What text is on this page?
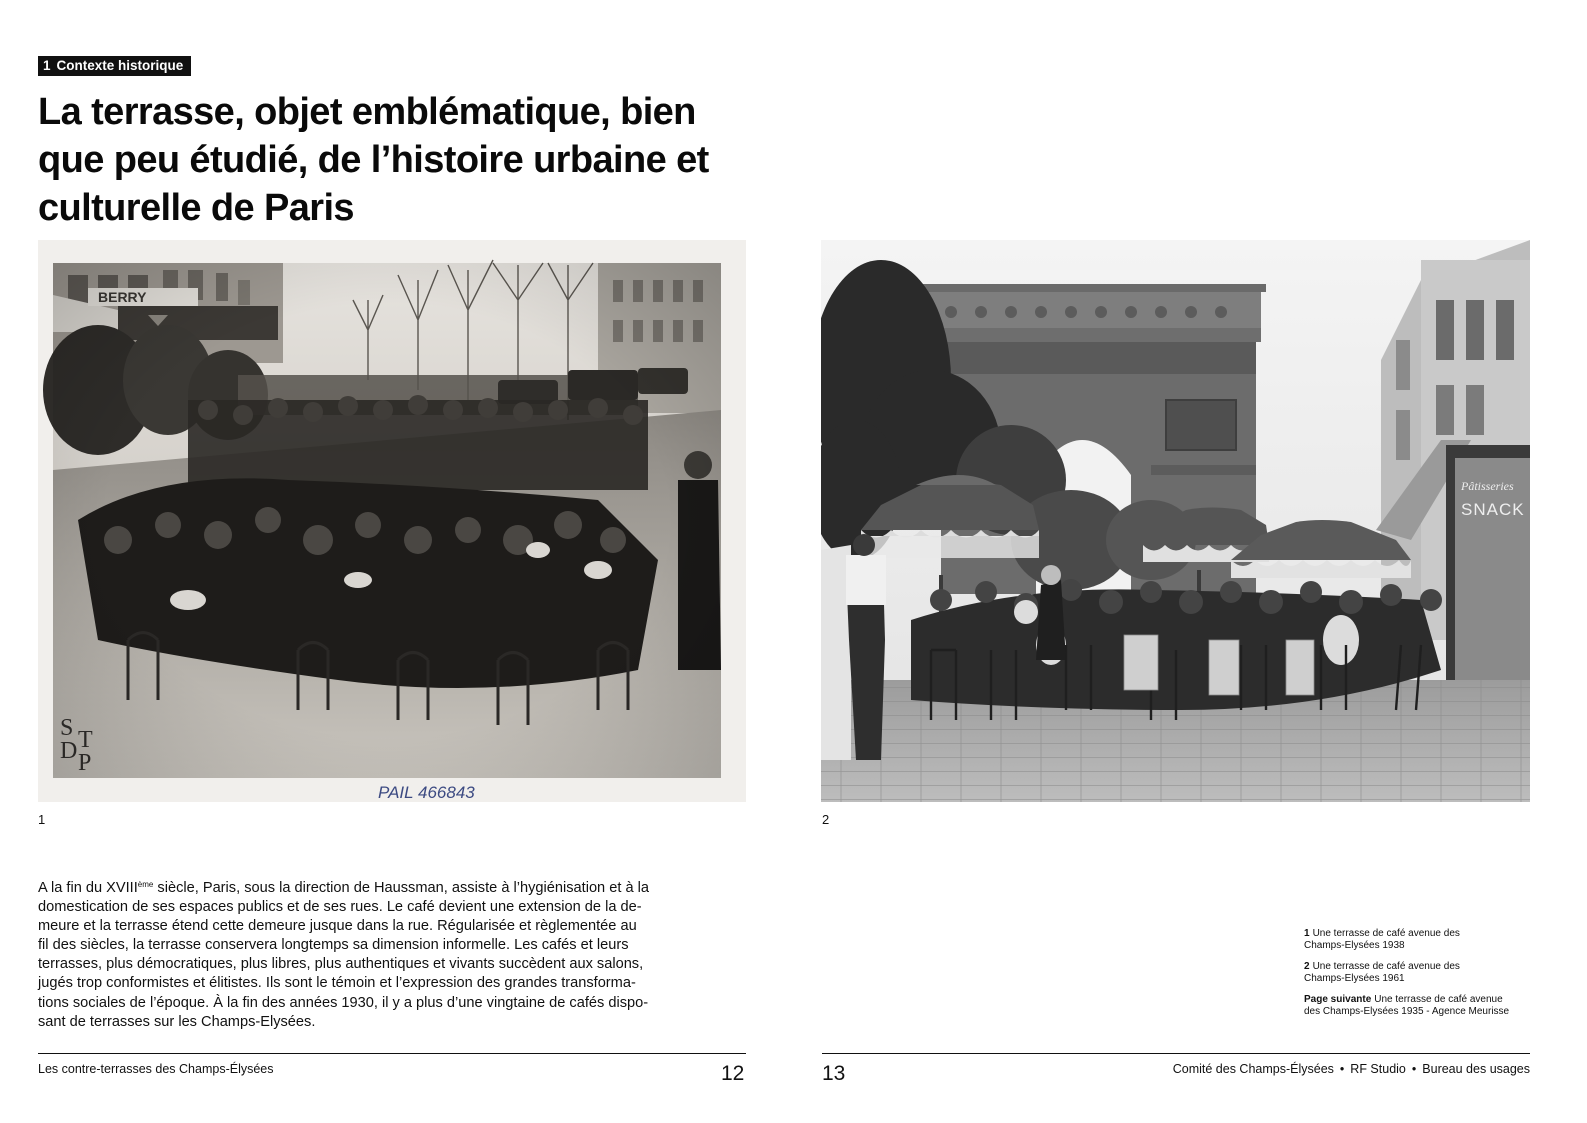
1 Contexte historique
La terrasse, objet emblématique, bien
que peu étudié, de l’histoire urbaine et
culturelle de Paris
S
D T
P
PAIL 466843
1
A la fin du XVIIIème siècle, Paris, sous la direction de Haussman, assiste à l’hygiénisation et à la
domestication de ses espaces publics et de ses rues. Le café devient une extension de la de-
meure et la terrasse étend cette demeure jusque dans la rue. Régularisée et règlementée au
fil des siècles, la terrasse conservera longtemps sa dimension informelle. Les cafés et leurs
terrasses, plus démocratiques, plus libres, plus authentiques et vivants succèdent aux salons,
jugés trop conformistes et élitistes. Ils sont le témoin et l’expression des grandes transforma-
tions sociales de l’époque. À la fin des années 1930, il y a plus d’une vingtaine de cafés dispo-
sant de terrasses sur les Champs-Elysées.
Les contre-terrasses des Champs-Élysées	12
Pâtisseries
SNACK
2
1 Une terrasse de café avenue des
Champs-Elysées 1938
2 Une terrasse de café avenue des
Champs-Elysées 1961
Page suivante Une terrasse de café avenue
des Champs-Elysées 1935 - Agence Meurisse
13	Comité des Champs-Élysées • RF Studio • Bureau des usages
